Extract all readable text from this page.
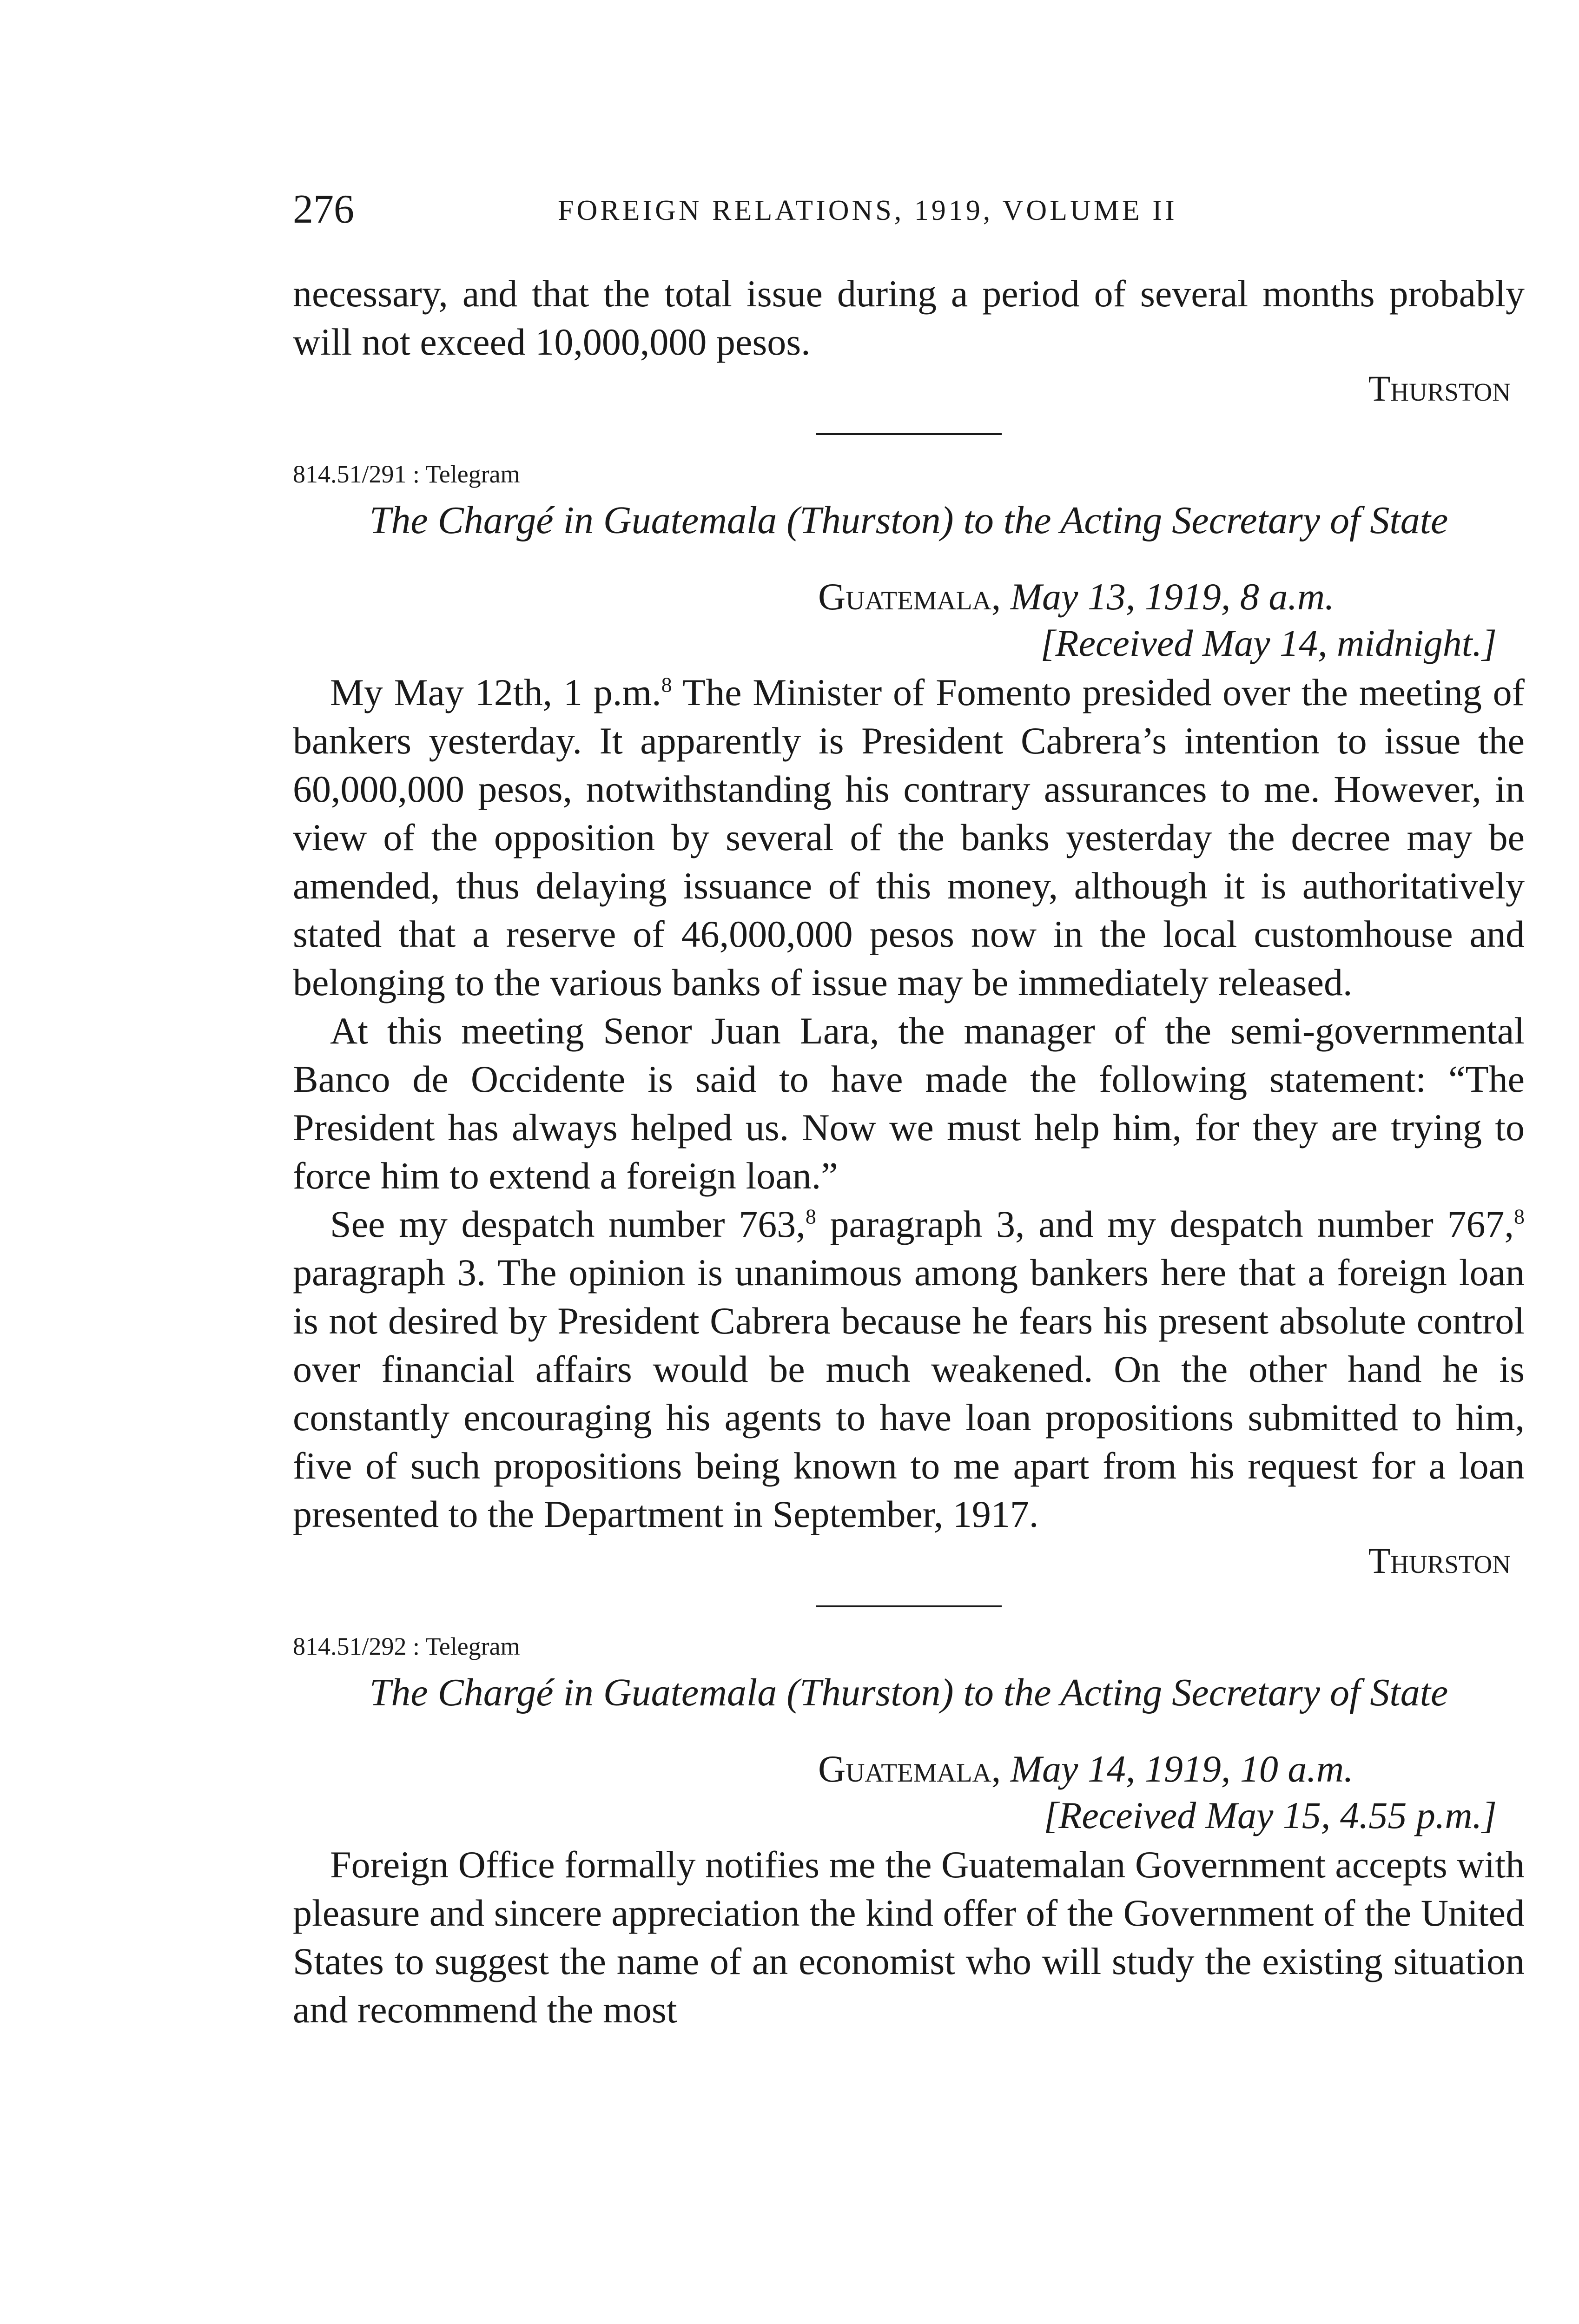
276	FOREIGN RELATIONS, 1919, VOLUME II

necessary, and that the total issue during a period of several months probably will not exceed 10,000,000 pesos.

Thurston
814.51/291 : Telegram
The Chargé in Guatemala (Thurston) to the Acting Secretary of State
Guatemala, May 13, 1919, 8 a.m.
[Received May 14, midnight.]

My May 12th, 1 p.m.$^8$ The Minister of Fomento presided over the meeting of bankers yesterday. It apparently is President Cabrera’s intention to issue the 60,000,000 pesos, notwithstanding his contrary assurances to me. However, in view of the opposition by several of the banks yesterday the decree may be amended, thus delaying issuance of this money, although it is authoritatively stated that a reserve of 46,000,000 pesos now in the local customhouse and belonging to the various banks of issue may be immediately released.

At this meeting Senor Juan Lara, the manager of the semi-governmental Banco de Occidente is said to have made the following statement: “The President has always helped us. Now we must help him, for they are trying to force him to extend a foreign loan.”

See my despatch number 763,$^8$ paragraph 3, and my despatch number 767,$^8$ paragraph 3. The opinion is unanimous among bankers here that a foreign loan is not desired by President Cabrera because he fears his present absolute control over financial affairs would be much weakened. On the other hand he is constantly encouraging his agents to have loan propositions submitted to him, five of such propositions being known to me apart from his request for a loan presented to the Department in September, 1917.

Thurston
814.51/292 : Telegram
The Chargé in Guatemala (Thurston) to the Acting Secretary of State
Guatemala, May 14, 1919, 10 a.m.
[Received May 15, 4.55 p.m.]

Foreign Office formally notifies me the Guatemalan Government accepts with pleasure and sincere appreciation the kind offer of the Government of the United States to suggest the name of an economist who will study the existing situation and recommend the most
